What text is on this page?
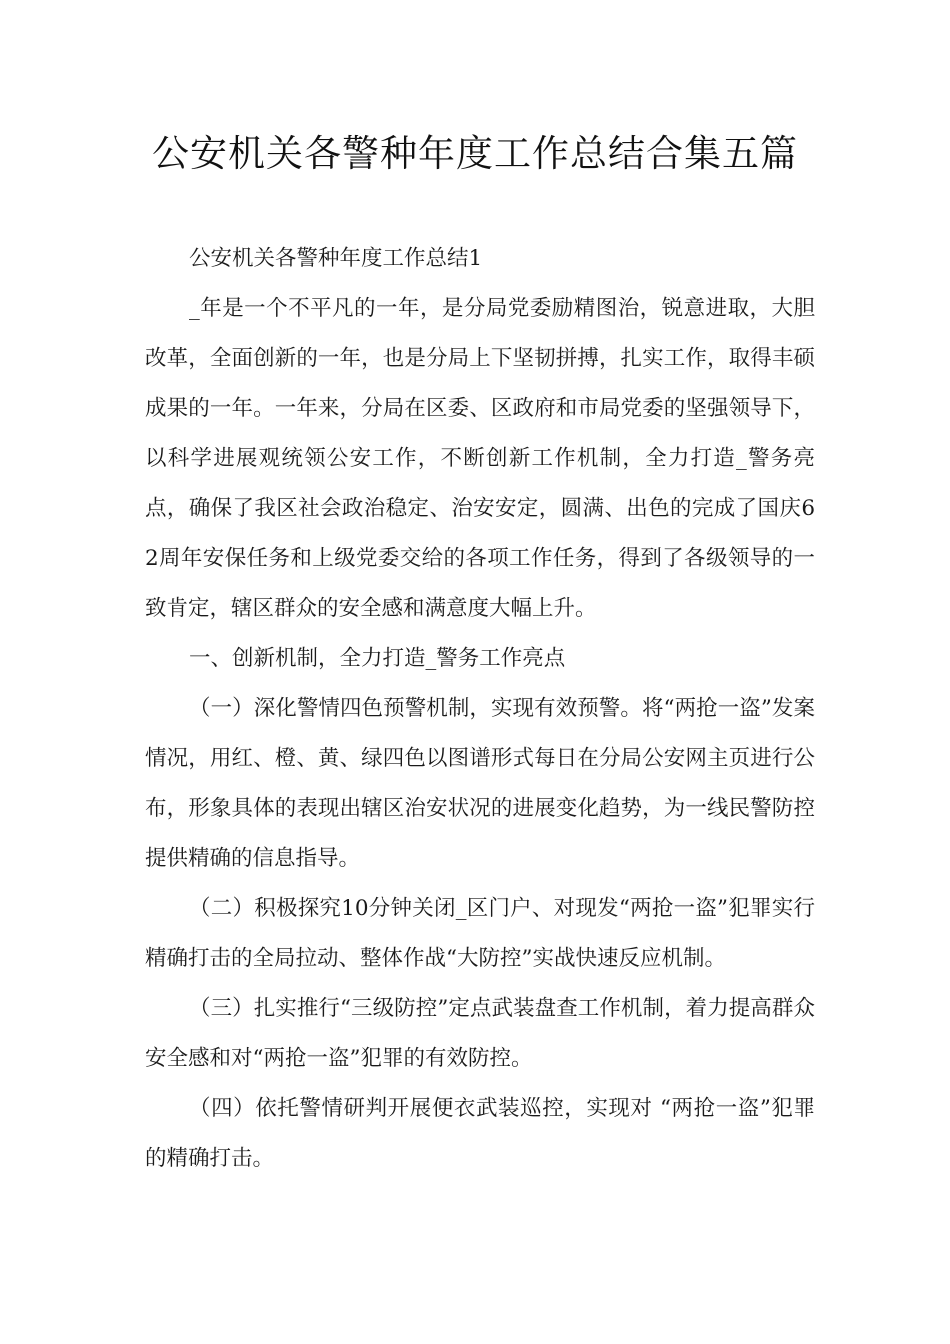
公安机关各警种年度工作总结合集五篇

公安机关各警种年度工作总结1

_年是一个不平凡的一年，是分局党委励精图治，锐意进取，大胆改革，全面创新的一年，也是分局上下坚韧拼搏，扎实工作，取得丰硕成果的一年。一年来，分局在区委、区政府和市局党委的坚强领导下，以科学进展观统领公安工作，不断创新工作机制，全力打造_警务亮点，确保了我区社会政治稳定、治安安定，圆满、出色的完成了国庆62周年安保任务和上级党委交给的各项工作任务，得到了各级领导的一致肯定，辖区群众的安全感和满意度大幅上升。

一、创新机制，全力打造_警务工作亮点

（一）深化警情四色预警机制，实现有效预警。将“两抢一盗”发案情况，用红、橙、黄、绿四色以图谱形式每日在分局公安网主页进行公布，形象具体的表现出辖区治安状况的进展变化趋势，为一线民警防控提供精确的信息指导。

（二）积极探究10分钟关闭_区门户、对现发“两抢一盗”犯罪实行精确打击的全局拉动、整体作战“大防控”实战快速反应机制。

（三）扎实推行“三级防控”定点武装盘查工作机制，着力提高群众安全感和对“两抢一盗”犯罪的有效防控。

（四）依托警情研判开展便衣武装巡控，实现对 “两抢一盗”犯罪的精确打击。
